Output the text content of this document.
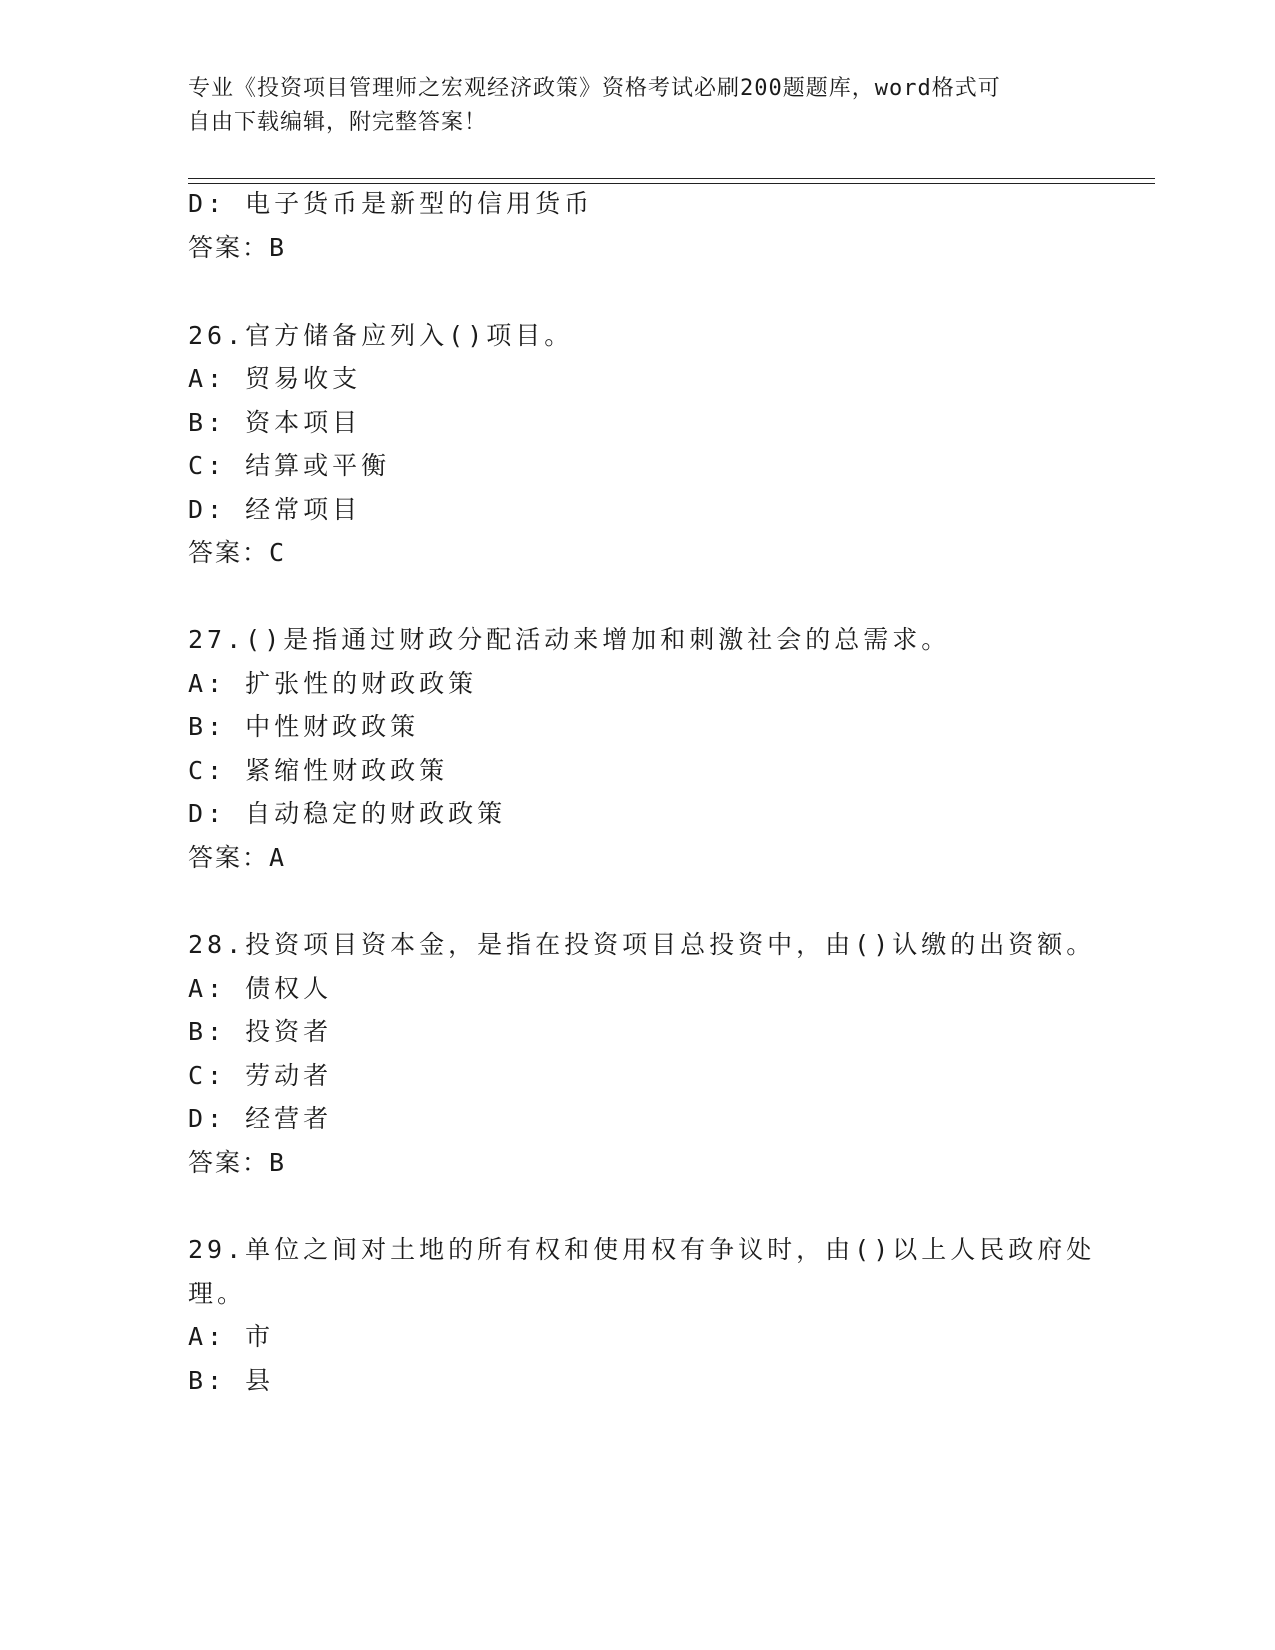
专业《投资项目管理师之宏观经济政策》资格考试必刷200题题库，word格式可
自由下载编辑，附完整答案！
D: 电子货币是新型的信用货币
答案：B
26.官方储备应列入()项目。
A: 贸易收支
B: 资本项目
C: 结算或平衡
D: 经常项目
答案：C
27.()是指通过财政分配活动来增加和刺激社会的总需求。
A: 扩张性的财政政策
B: 中性财政政策
C: 紧缩性财政政策
D: 自动稳定的财政政策
答案：A
28.投资项目资本金，是指在投资项目总投资中，由()认缴的出资额。
A: 债权人
B: 投资者
C: 劳动者
D: 经营者
答案：B
29.单位之间对土地的所有权和使用权有争议时，由()以上人民政府处
理。
A: 市
B: 县
